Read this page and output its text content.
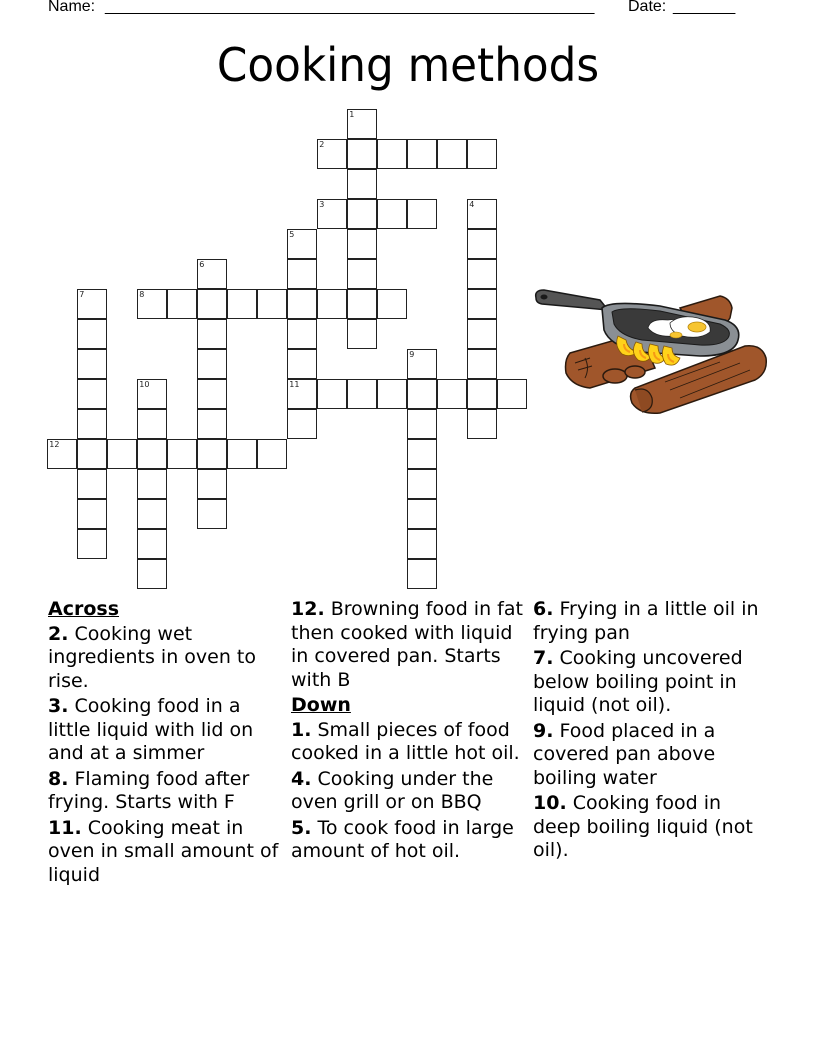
Name: _______________________________________________________ Date: _______
Cooking methods
1
2
3	4
5
11
6
7	8
9
10
12
Across
2. Cooking wet ingredients in oven to rise.
3. Cooking food in a little liquid with lid on and at a simmer
8. Flaming food after frying. Starts with F
11. Cooking meat in oven in small amount of liquid
12. Browning food in fat then cooked with liquid in covered pan. Starts with B
Down
1. Small pieces of food cooked in a little hot oil.
4. Cooking under the oven grill or on BBQ
5. To cook food in large amount of hot oil.
6. Frying in a little oil in frying pan
7. Cooking uncovered below boiling point in liquid (not oil).
9. Food placed in a covered pan above boiling water
10. Cooking food in deep boiling liquid (not oil).
